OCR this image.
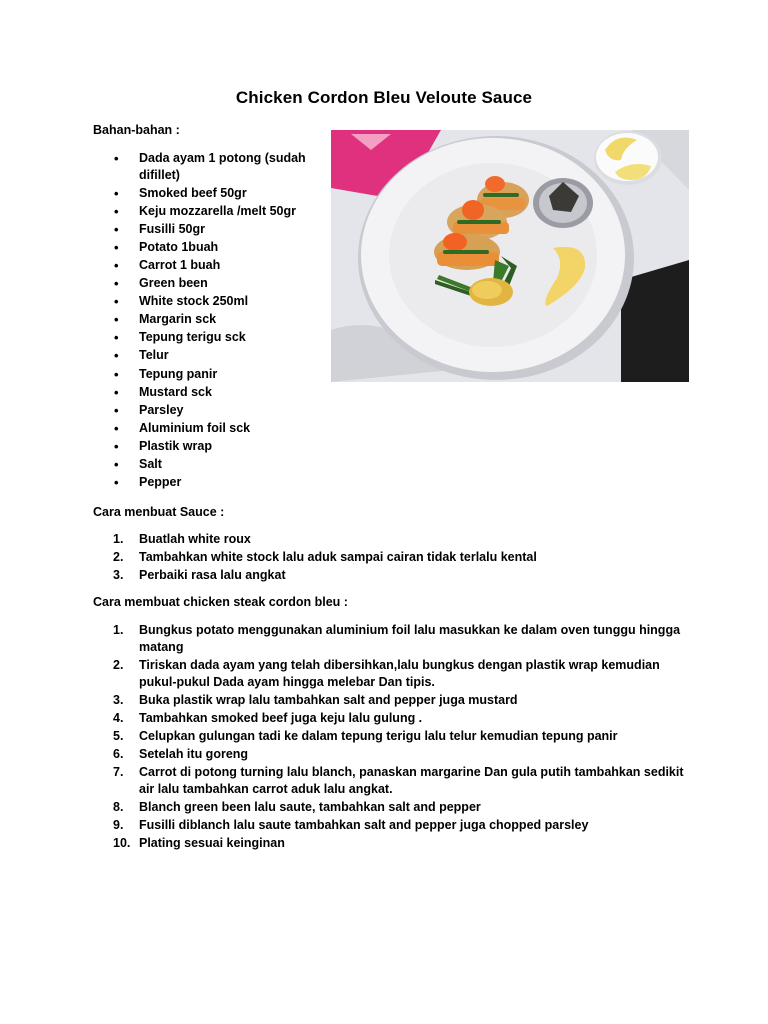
Chicken Cordon Bleu Veloute Sauce
Bahan-bahan :
• Dada ayam 1 potong (sudah difillet)
• Smoked beef 50gr
• Keju mozzarella /melt 50gr
• Fusilli 50gr
• Potato 1buah
• Carrot 1 buah
• Green been
• White stock 250ml
• Margarin sck
• Tepung terigu sck
• Telur
• Tepung panir
• Mustard sck
• Parsley
• Aluminium foil sck
• Plastik wrap
• Salt
• Pepper
Cara menbuat Sauce :
1.	Buatlah white roux
2.	Tambahkan white stock lalu aduk sampai cairan tidak terlalu kental
3.	Perbaiki rasa lalu angkat
Cara membuat chicken steak cordon bleu :
1.	Bungkus potato menggunakan aluminium foil lalu masukkan ke dalam oven tunggu hingga matang
2.	Tiriskan dada ayam yang telah dibersihkan,lalu bungkus dengan plastik wrap kemudian pukul-pukul Dada ayam hingga melebar Dan tipis.
3.	Buka plastik wrap lalu tambahkan salt and pepper juga mustard
4.	Tambahkan smoked beef juga keju lalu gulung .
5.	Celupkan gulungan tadi ke dalam tepung terigu lalu telur kemudian tepung panir
6.	Setelah itu goreng
7.	Carrot di potong turning lalu blanch, panaskan margarine Dan gula putih tambahkan sedikit air lalu tambahkan carrot aduk lalu angkat.
8.	Blanch green been lalu saute, tambahkan salt and pepper
9.	Fusilli diblanch lalu saute tambahkan salt and pepper juga chopped parsley
10. Plating sesuai keinginan
